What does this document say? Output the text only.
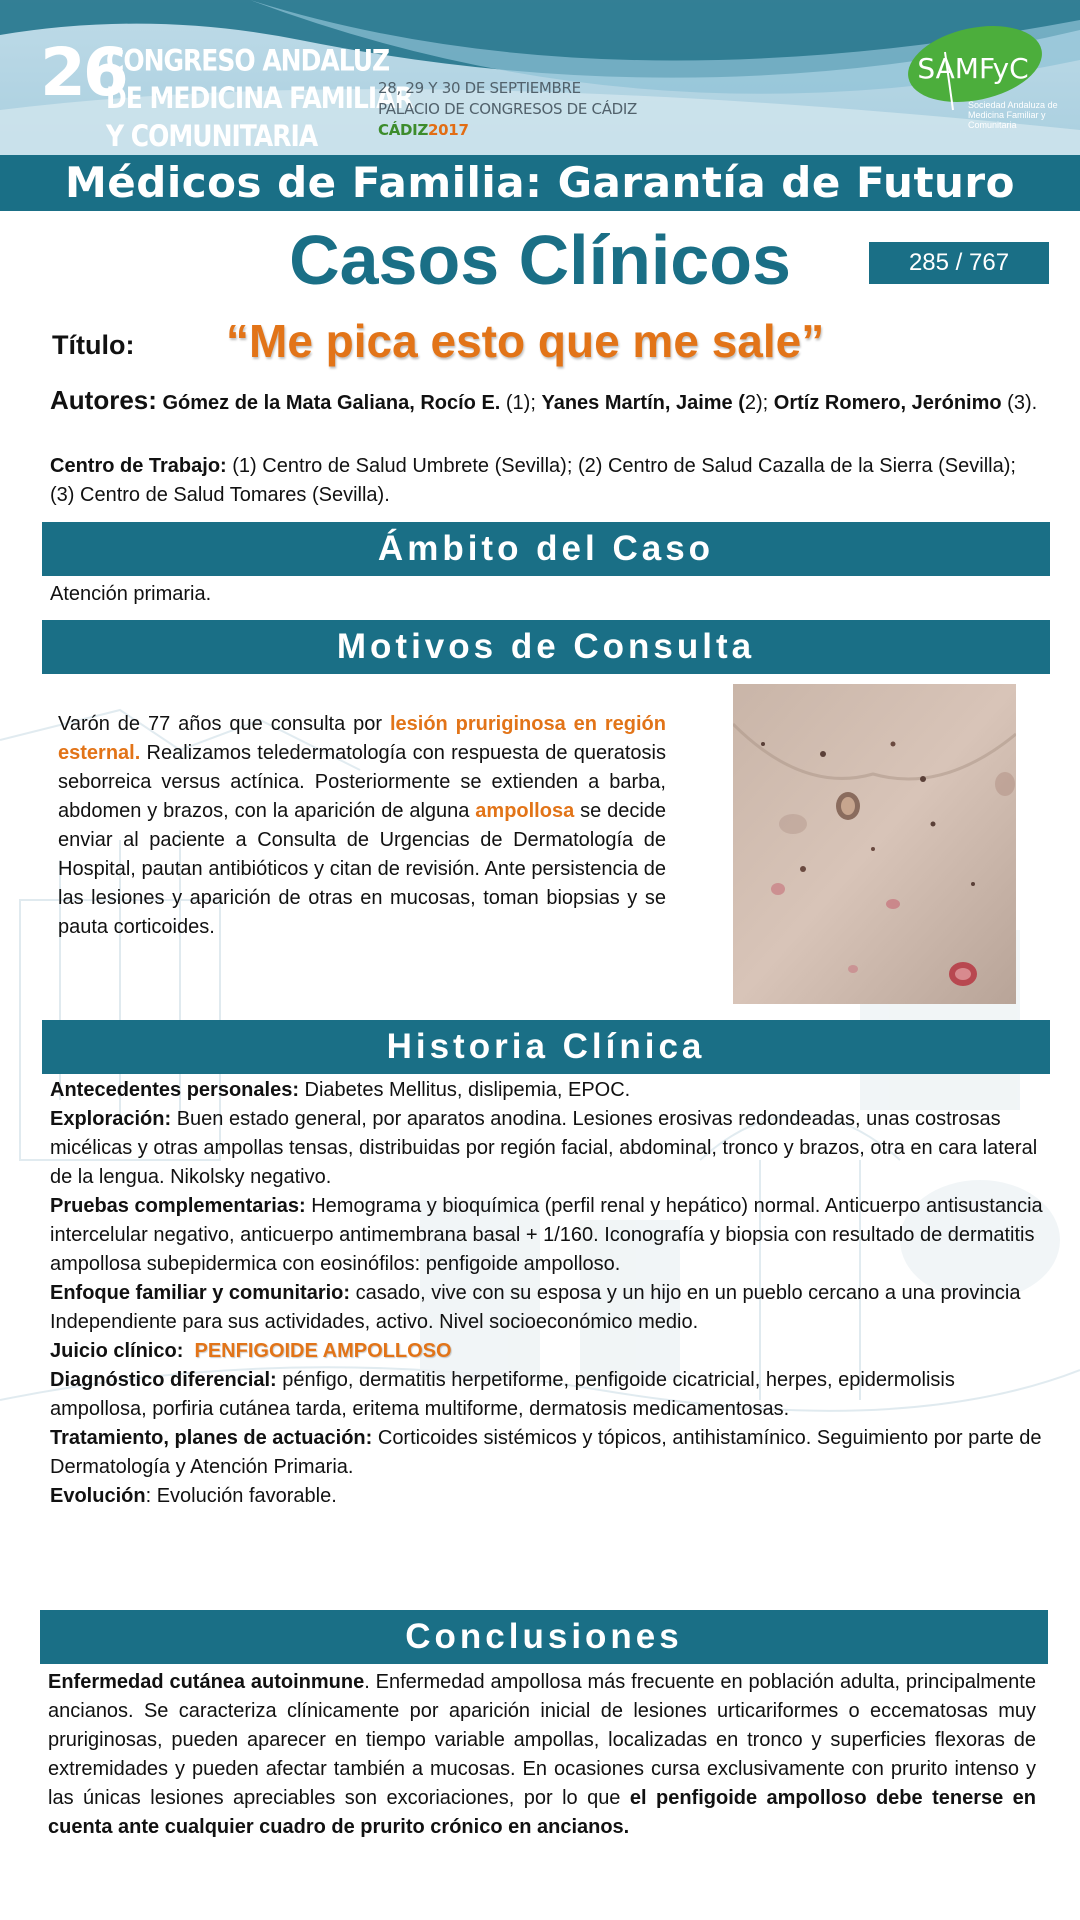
26
CONGRESO ANDALUZ
DE MEDICINA FAMILIAR
Y COMUNITARIA
28, 29 Y 30 DE SEPTIEMBRE
PALACIO DE CONGRESOS DE CÁDIZ
CÁDIZ2017
SAMFyC
Sociedad Andaluza de Medicina Familiar y Comunitaria
Médicos de Familia: Garantía de Futuro
Casos Clínicos	285 / 767
Título: “Me pica esto que me sale”
Autores: Gómez de la Mata Galiana, Rocío E. (1); Yanes Martín, Jaime (2); Ortíz Romero, Jerónimo (3).
Centro de Trabajo: (1) Centro de Salud Umbrete (Sevilla); (2) Centro de Salud Cazalla de la Sierra (Sevilla); (3) Centro de Salud Tomares (Sevilla).
Ámbito del Caso
Atención primaria.
Motivos de Consulta
Varón de 77 años que consulta por lesión pruriginosa en región esternal. Realizamos teledermatología con respuesta de queratosis seborreica versus actínica. Posteriormente se extienden a barba, abdomen y brazos, con la aparición de alguna ampollosa se decide enviar al paciente a Consulta de Urgencias de Dermatología de Hospital, pautan antibióticos y citan de revisión. Ante persistencia de las lesiones y aparición de otras en mucosas, toman biopsias y se pauta corticoides.
Historia Clínica
Antecedentes personales: Diabetes Mellitus, dislipemia, EPOC.
Exploración: Buen estado general, por aparatos anodina. Lesiones erosivas redondeadas, unas costrosas micélicas y otras ampollas tensas, distribuidas por región facial, abdominal, tronco y brazos, otra en cara lateral de la lengua. Nikolsky negativo.
Pruebas complementarias: Hemograma y bioquímica (perfil renal y hepático) normal. Anticuerpo antisustancia intercelular negativo, anticuerpo antimembrana basal + 1/160. Iconografía y biopsia con resultado de dermatitis ampollosa subepidermica con eosinófilos: penfigoide ampolloso.
Enfoque familiar y comunitario: casado, vive con su esposa y un hijo en un pueblo cercano a una provincia Independiente para sus actividades, activo. Nivel socioeconómico medio.
Juicio clínico: PENFIGOIDE AMPOLLOSO
Diagnóstico diferencial: pénfigo, dermatitis herpetiforme, penfigoide cicatricial, herpes, epidermolisis ampollosa, porfiria cutánea tarda, eritema multiforme, dermatosis medicamentosas.
Tratamiento, planes de actuación: Corticoides sistémicos y tópicos, antihistamínico. Seguimiento por parte de Dermatología y Atención Primaria.
Evolución: Evolución favorable.
Conclusiones
Enfermedad cutánea autoinmune. Enfermedad ampollosa más frecuente en población adulta, principalmente ancianos. Se caracteriza clínicamente por aparición inicial de lesiones urticariformes o eccematosas muy pruriginosas, pueden aparecer en tiempo variable ampollas, localizadas en tronco y superficies flexoras de extremidades y pueden afectar también a mucosas. En ocasiones cursa exclusivamente con prurito intenso y las únicas lesiones apreciables son excoriaciones, por lo que el penfigoide ampolloso debe tenerse en cuenta ante cualquier cuadro de prurito crónico en ancianos.
